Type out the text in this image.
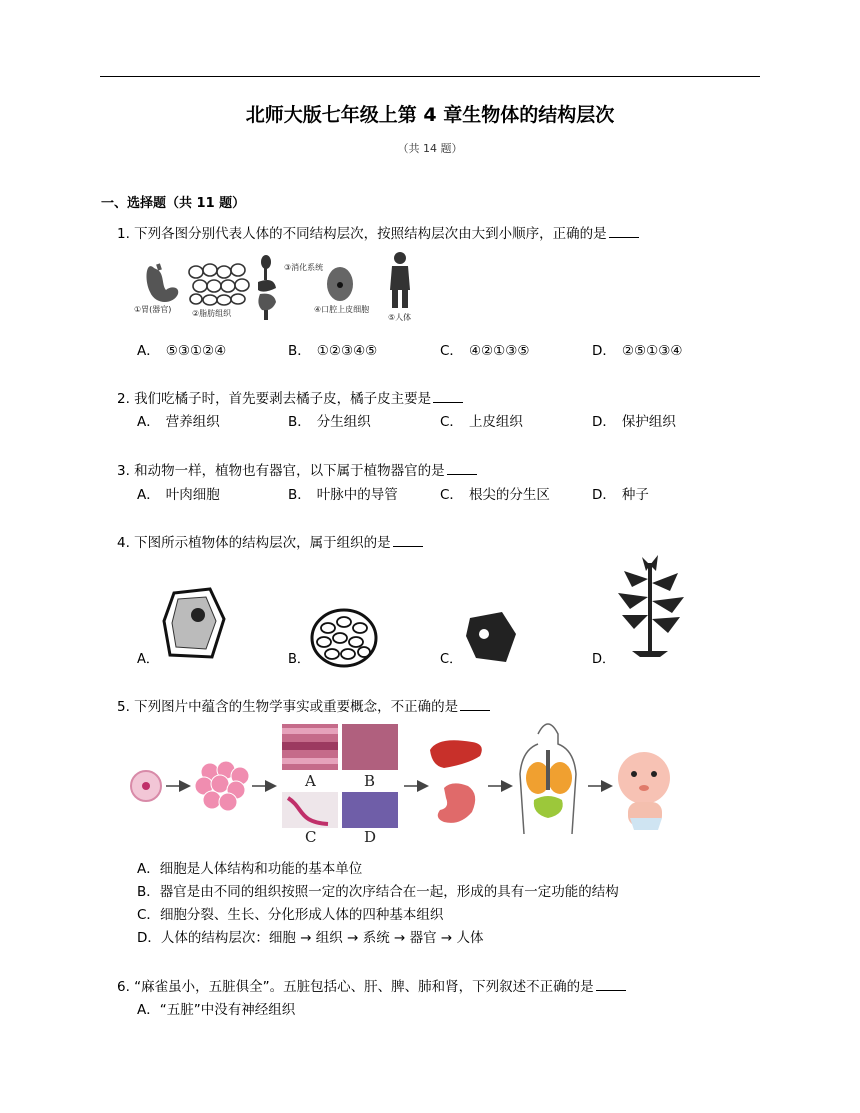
北师大版七年级上第 4 章生物体的结构层次
（共 14 题）
一、选择题（共 11 题）
1. 下列各图分别代表人体的不同结构层次，按照结构层次由大到小顺序，正确的是
①胃(器官)	②脂肪组织
③消化系统
④口腔上皮细胞
⑤人体
A． ⑤③①②④	B． ①②③④⑤	C． ④②①③⑤	D． ②⑤①③④
2. 我们吃橘子时，首先要剥去橘子皮，橘子皮主要是
A． 营养组织	B． 分生组织	C． 上皮组织	D． 保护组织
3. 和动物一样，植物也有器官，以下属于植物器官的是
A． 叶肉细胞	B． 叶脉中的导管	C． 根尖的分生区	D． 种子
4. 下图所示植物体的结构层次，属于组织的是
A．	B．	C．	D．
5. 下列图片中蕴含的生物学事实或重要概念，不正确的是
A	B
C	D
A．细胞是人体结构和功能的基本单位
B．器官是由不同的组织按照一定的次序结合在一起，形成的具有一定功能的结构
C．细胞分裂、生长、分化形成人体的四种基本组织
D．人体的结构层次：细胞 → 组织 → 系统 → 器官 → 人体
6. “麻雀虽小，五脏俱全”。五脏包括心、肝、脾、肺和肾，下列叙述不正确的是
A．“五脏”中没有神经组织
